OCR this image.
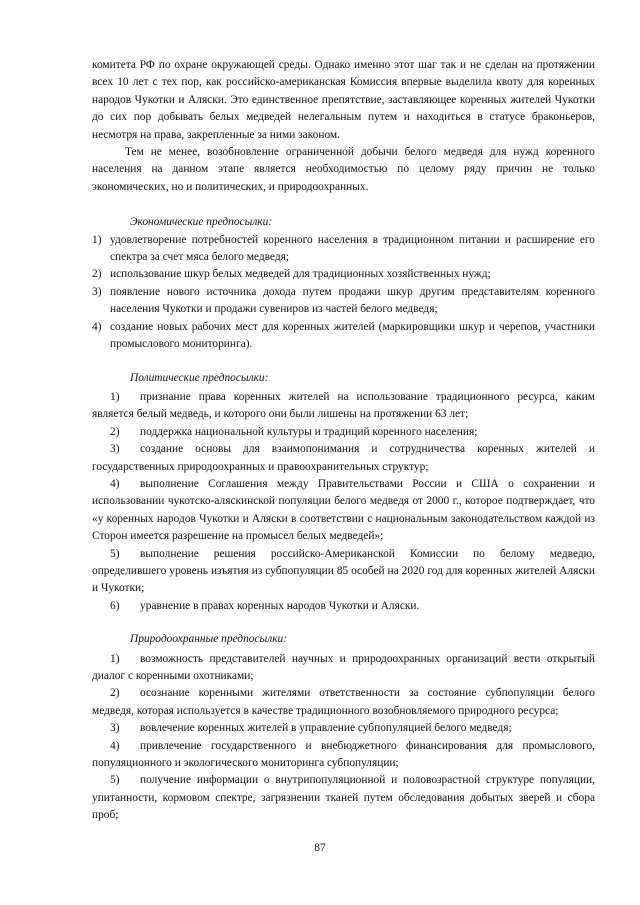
комитета РФ по охране окружающей среды. Однако именно этот шаг так и не сделан на протяжении всех 10 лет с тех пор, как российско-американская Комиссия впервые выделила квоту для коренных народов Чукотки и Аляски. Это единственное препятствие, заставляющее коренных жителей Чукотки до сих пор добывать белых медведей нелегальным путем и находиться в статусе браконьеров, несмотря на права, закрепленные за ними законом.

Тем не менее, возобновление ограниченной добычи белого медведя для нужд коренного населения на данном этапе является необходимостью по целому ряду причин не только экономических, но и политических, и природоохранных.

Экономические предпосылки:

1) удовлетворение потребностей коренного населения в традиционном питании и расширение его спектра за счет мяса белого медведя;
2) использование шкур белых медведей для традиционных хозяйственных нужд;
3) появление нового источника дохода путем продажи шкур другим представителям коренного населения Чукотки и продажи сувениров из частей белого медведя;
4) создание новых рабочих мест для коренных жителей (маркировщики шкур и черепов, участники промыслового мониторинга).

Политические предпосылки:

1) признание права коренных жителей на использование традиционного ресурса, каким является белый медведь, и которого они были лишены на протяжении 63 лет;
2) поддержка национальной культуры и традиций коренного населения;
3) создание основы для взаимопонимания и сотрудничества коренных жителей и государственных природоохранных и правоохранительных структур;
4) выполнение Соглашения между Правительствами России и США о сохранении и использовании чукотско-аляскинской популяции белого медведя от 2000 г., которое подтверждает, что «у коренных народов Чукотки и Аляски в соответствии с национальным законодательством каждой из Сторон имеется разрешение на промысел белых медведей»;
5) выполнение решения российско-Американской Комиссии по белому медведю, определившего уровень изъятия из субпопуляции 85 особей на 2020 год для коренных жителей Аляски и Чукотки;
6) уравнение в правах коренных народов Чукотки и Аляски.

Природоохранные предпосылки:

1) возможность представителей научных и природоохранных организаций вести открытый диалог с коренными охотниками;
2) осознание коренными жителями ответственности за состояние субпопуляции белого медведя, которая используется в качестве традиционного возобновляемого природного ресурса;
3) вовлечение коренных жителей в управление субпопуляцией белого медведя;
4) привлечение государственного и внебюджетного финансирования для промыслового, популяционного и экологического мониторинга субпопуляции;
5) получение информации о внутрипопуляционной и половозрастной структуре популяции, упитанности, кормовом спектре, загрязнении тканей путем обследования добытых зверей и сбора проб;
87
